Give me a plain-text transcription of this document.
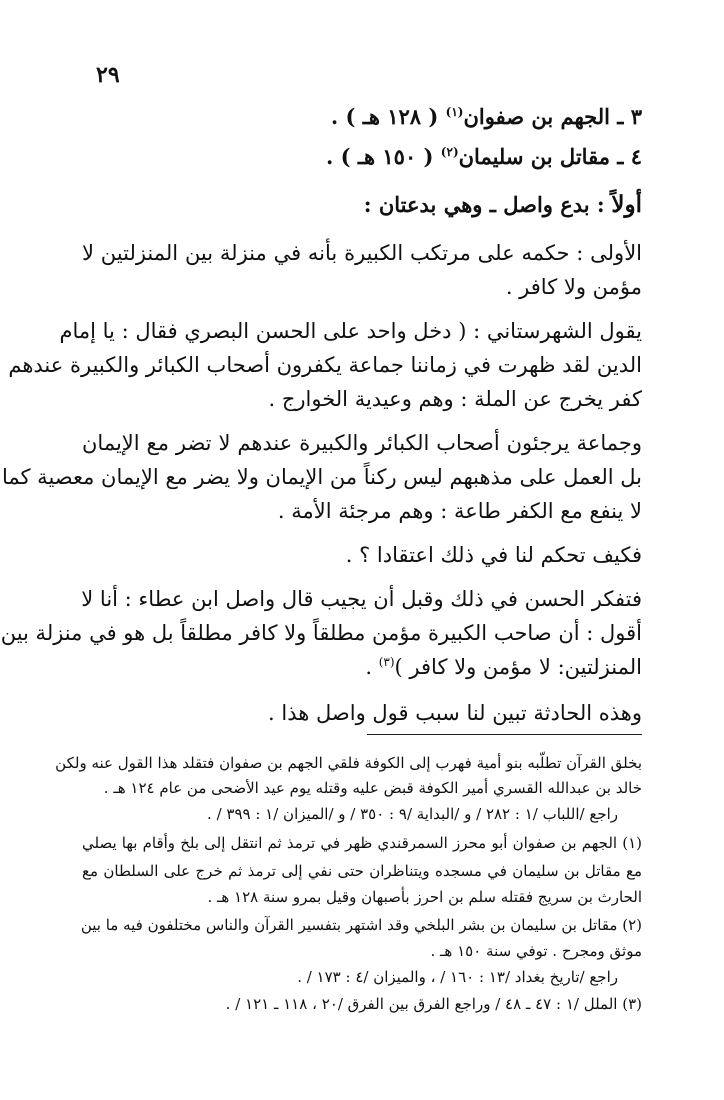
٢٩
٣ ـ الجهم بن صفوان$^{(١)}$ ( ١٢٨ هـ ) .
٤ ـ مقاتل بن سليمان$^{(٢)}$ ( ١٥٠ هـ ) .
أولاً : بدع واصل ـ وهي بدعتان :
الأولى : حكمه على مرتكب الكبيرة بأنه في منزلة بين المنزلتين لا
مؤمن ولا كافر .
يقول الشهرستاني : ( دخل واحد على الحسن البصري فقال : يا إمام
الدين لقد ظهرت في زماننا جماعة يكفرون أصحاب الكبائر والكبيرة عندهم
كفر يخرج عن الملة : وهم وعيدية الخوارج .
وجماعة يرجئون أصحاب الكبائر والكبيرة عندهم لا تضر مع الإيمان
بل العمل على مذهبهم ليس ركناً من الإيمان ولا يضر مع الإيمان معصية كما
لا ينفع مع الكفر طاعة : وهم مرجئة الأمة .
فكيف تحكم لنا في ذلك اعتقادا ؟ .
فتفكر الحسن في ذلك وقبل أن يجيب قال واصل ابن عطاء : أنا لا
أقول : أن صاحب الكبيرة مؤمن مطلقاً ولا كافر مطلقاً بل هو في منزلة بين
المنزلتين: لا مؤمن ولا كافر )$^{(٣)}$ .
وهذه الحادثة تبين لنا سبب قول واصل هذا .
بخلق القرآن تطلّبه بنو أمية فهرب إلى الكوفة فلقي الجهم بن صفوان فتقلد هذا القول عنه ولكن
خالد بن عبدالله القسري أمير الكوفة قبض عليه وقتله يوم عيد الأضحى من عام ١٢٤ هـ .
راجع /اللباب /١ : ٢٨٢ / و /البداية /٩ : ٣٥٠ / و /الميزان /١ : ٣٩٩ / .
(١) الجهم بن صفوان أبو محرز السمرقندي ظهر في ترمذ ثم انتقل إلى بلخ وأقام بها يصلي
مع مقاتل بن سليمان في مسجده ويتناظران حتى نفي إلى ترمذ ثم خرج على السلطان مع
الحارث بن سريج فقتله سلم بن احرز بأصبهان وقيل بمرو سنة ١٢٨ هـ .
(٢) مقاتل بن سليمان بن بشر البلخي وقد اشتهر بتفسير القرآن والناس مختلفون فيه ما بين
موثق ومجرح . توفي سنة ١٥٠ هـ .
راجع /تاريخ بغداد /١٣ : ١٦٠ / ، والميزان /٤ : ١٧٣ / .
(٣) الملل /١ : ٤٧ ـ ٤٨ / وراجع الفرق بين الفرق /٢٠ ، ١١٨ ـ ١٢١ / .
